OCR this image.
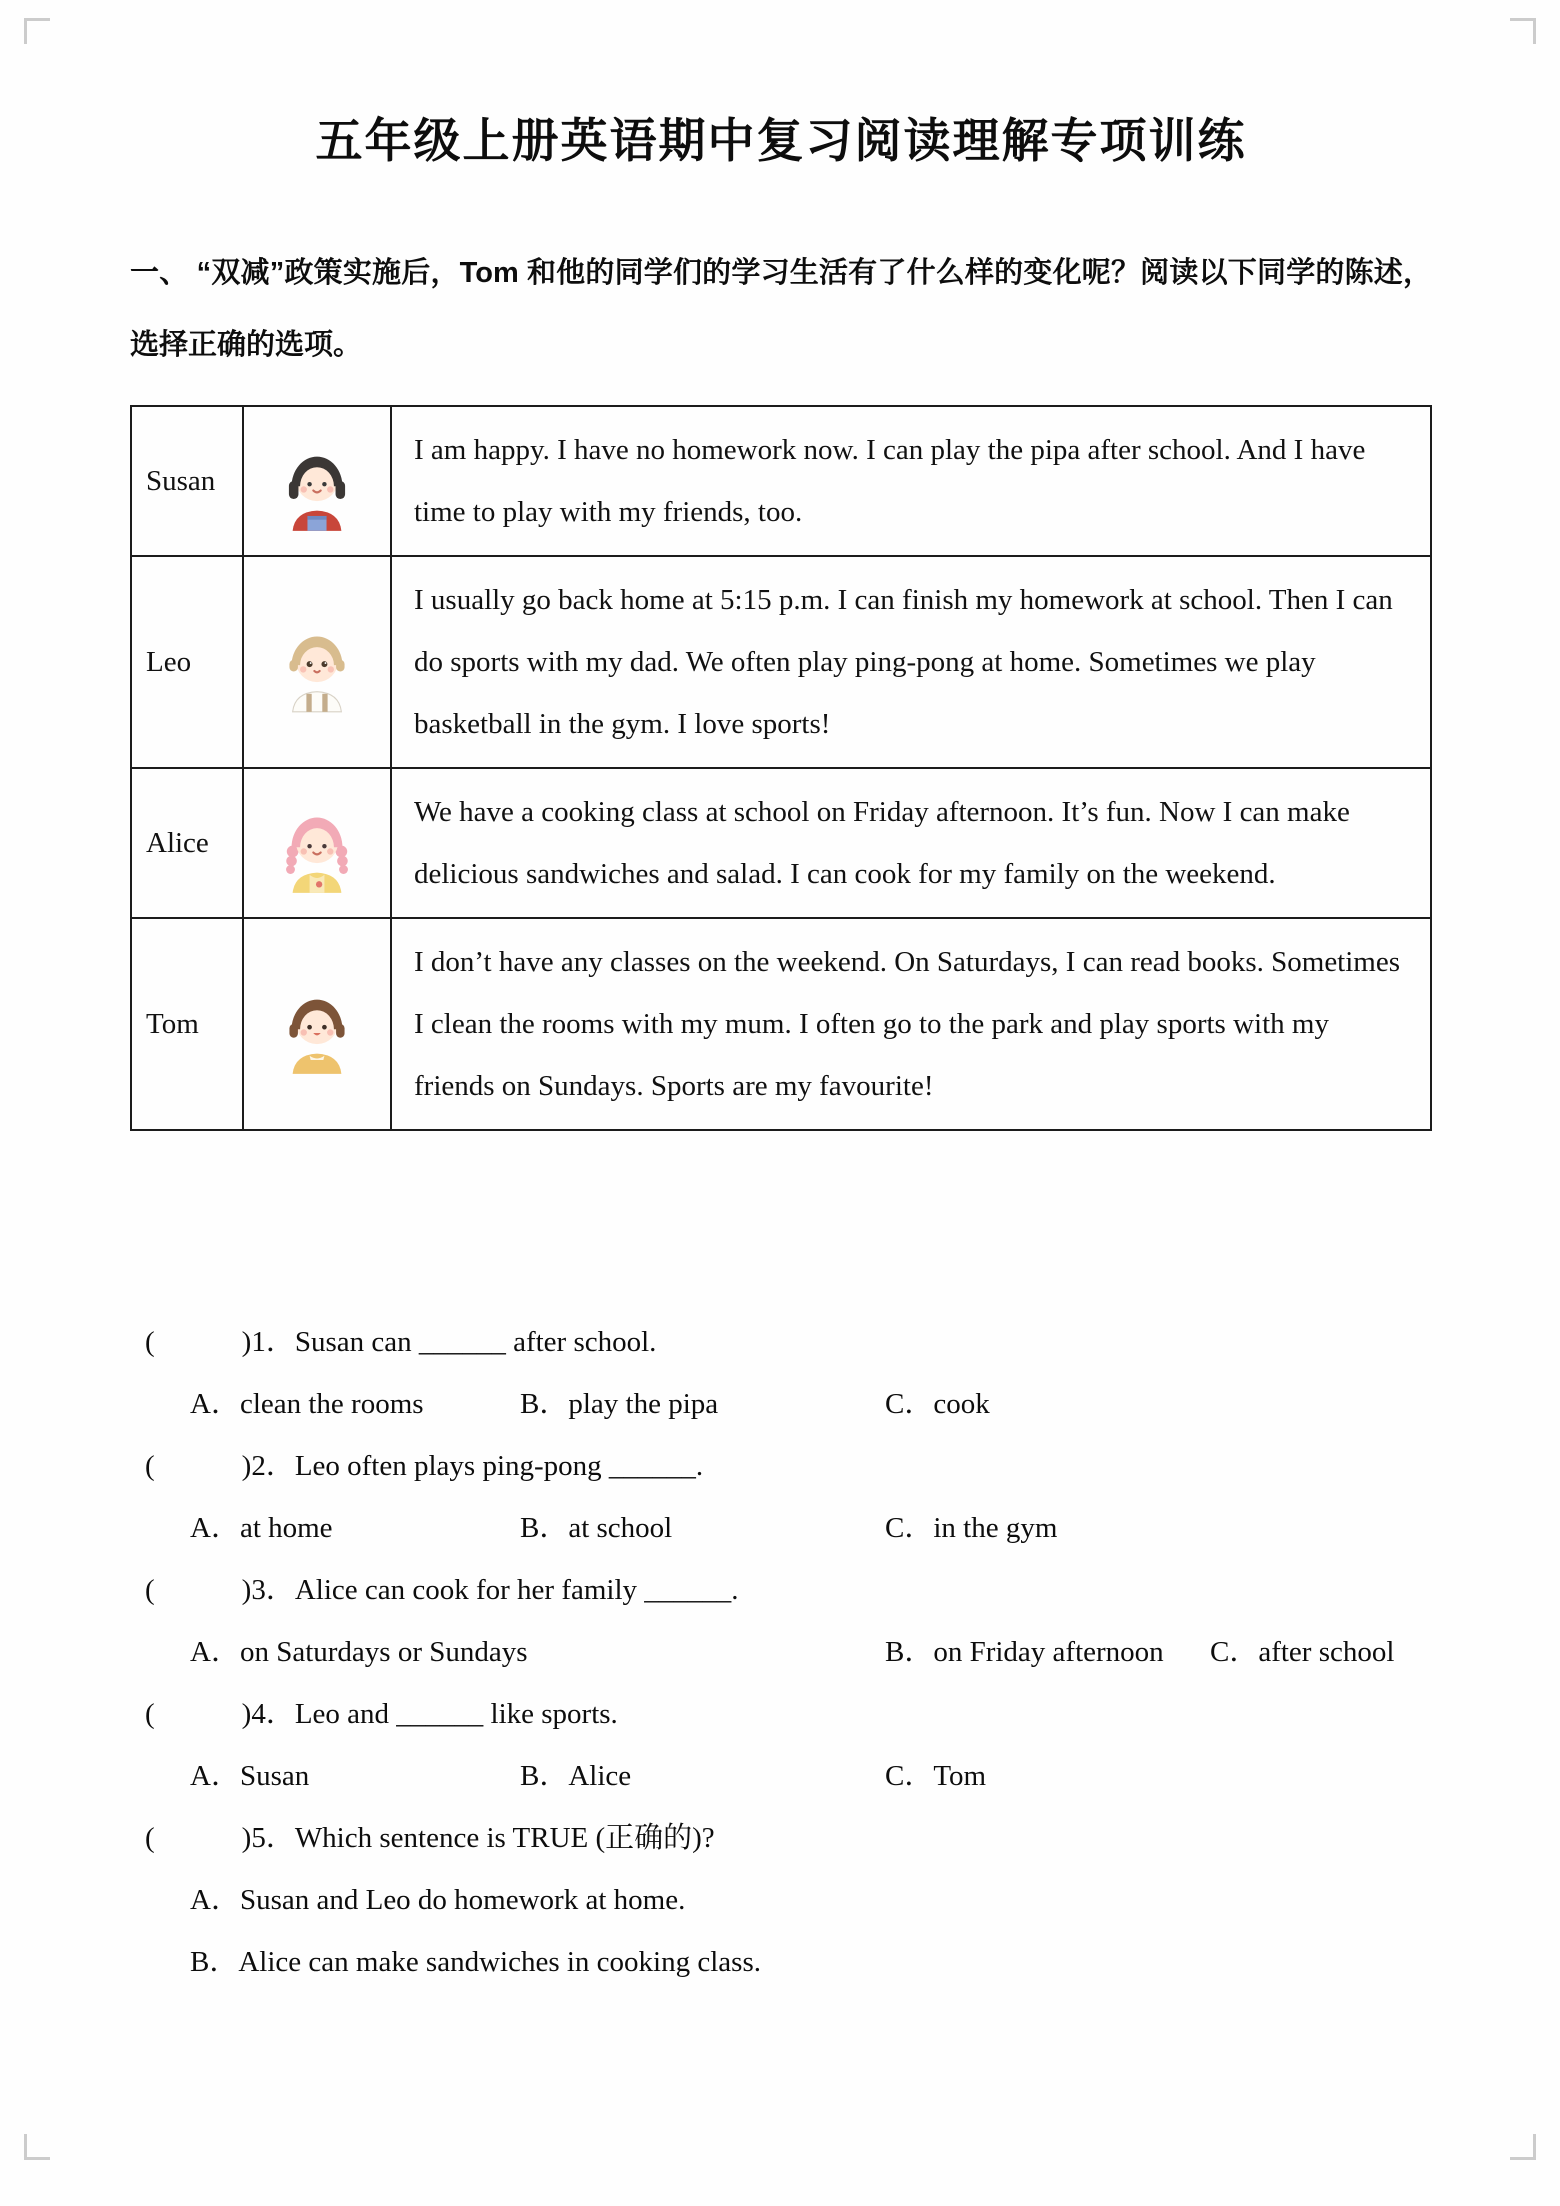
五年级上册英语期中复习阅读理解专项训练
一、 “双减”政策实施后，Tom 和他的同学们的学习生活有了什么样的变化呢？阅读以下同学的陈述，选择正确的选项。
Susan		I am happy. I have no homework now. I can play the pipa after school. And I have time to play with my friends, too.
Leo		I usually go back home at 5:15 p.m. I can finish my homework at school. Then I can do sports with my dad. We often play ping-pong at home. Sometimes we play basketball in the gym. I love sports!
Alice		We have a cooking class at school on Friday afternoon. It’s fun. Now I can make delicious sandwiches and salad. I can cook for my family on the weekend.
Tom		I don’t have any classes on the weekend. On Saturdays, I can read books. Sometimes I clean the rooms with my mum. I often go to the park and play sports with my friends on Sundays. Sports are my favourite!
(　　　)1．Susan can ______ after school.
A．clean the rooms	B．play the pipa	C．cook
(　　　)2．Leo often plays ping-pong ______.
A．at home	B．at school	C．in the gym
(　　　)3．Alice can cook for her family ______.
A．on Saturdays or Sundays	B．on Friday afternoon	C．after school
(　　　)4．Leo and ______ like sports.
A．Susan	B．Alice	C．Tom
(　　　)5．Which sentence is TRUE (正确的)?
A．Susan and Leo do homework at home.
B．Alice can make sandwiches in cooking class.
